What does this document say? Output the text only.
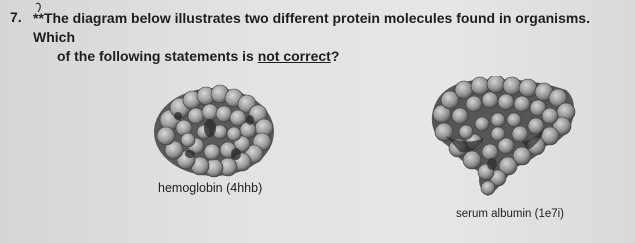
7. **The diagram below illustrates two different protein molecules found in organisms. Which
of the following statements is not correct?
hemoglobin (4hhb)
serum albumin (1e7i)
